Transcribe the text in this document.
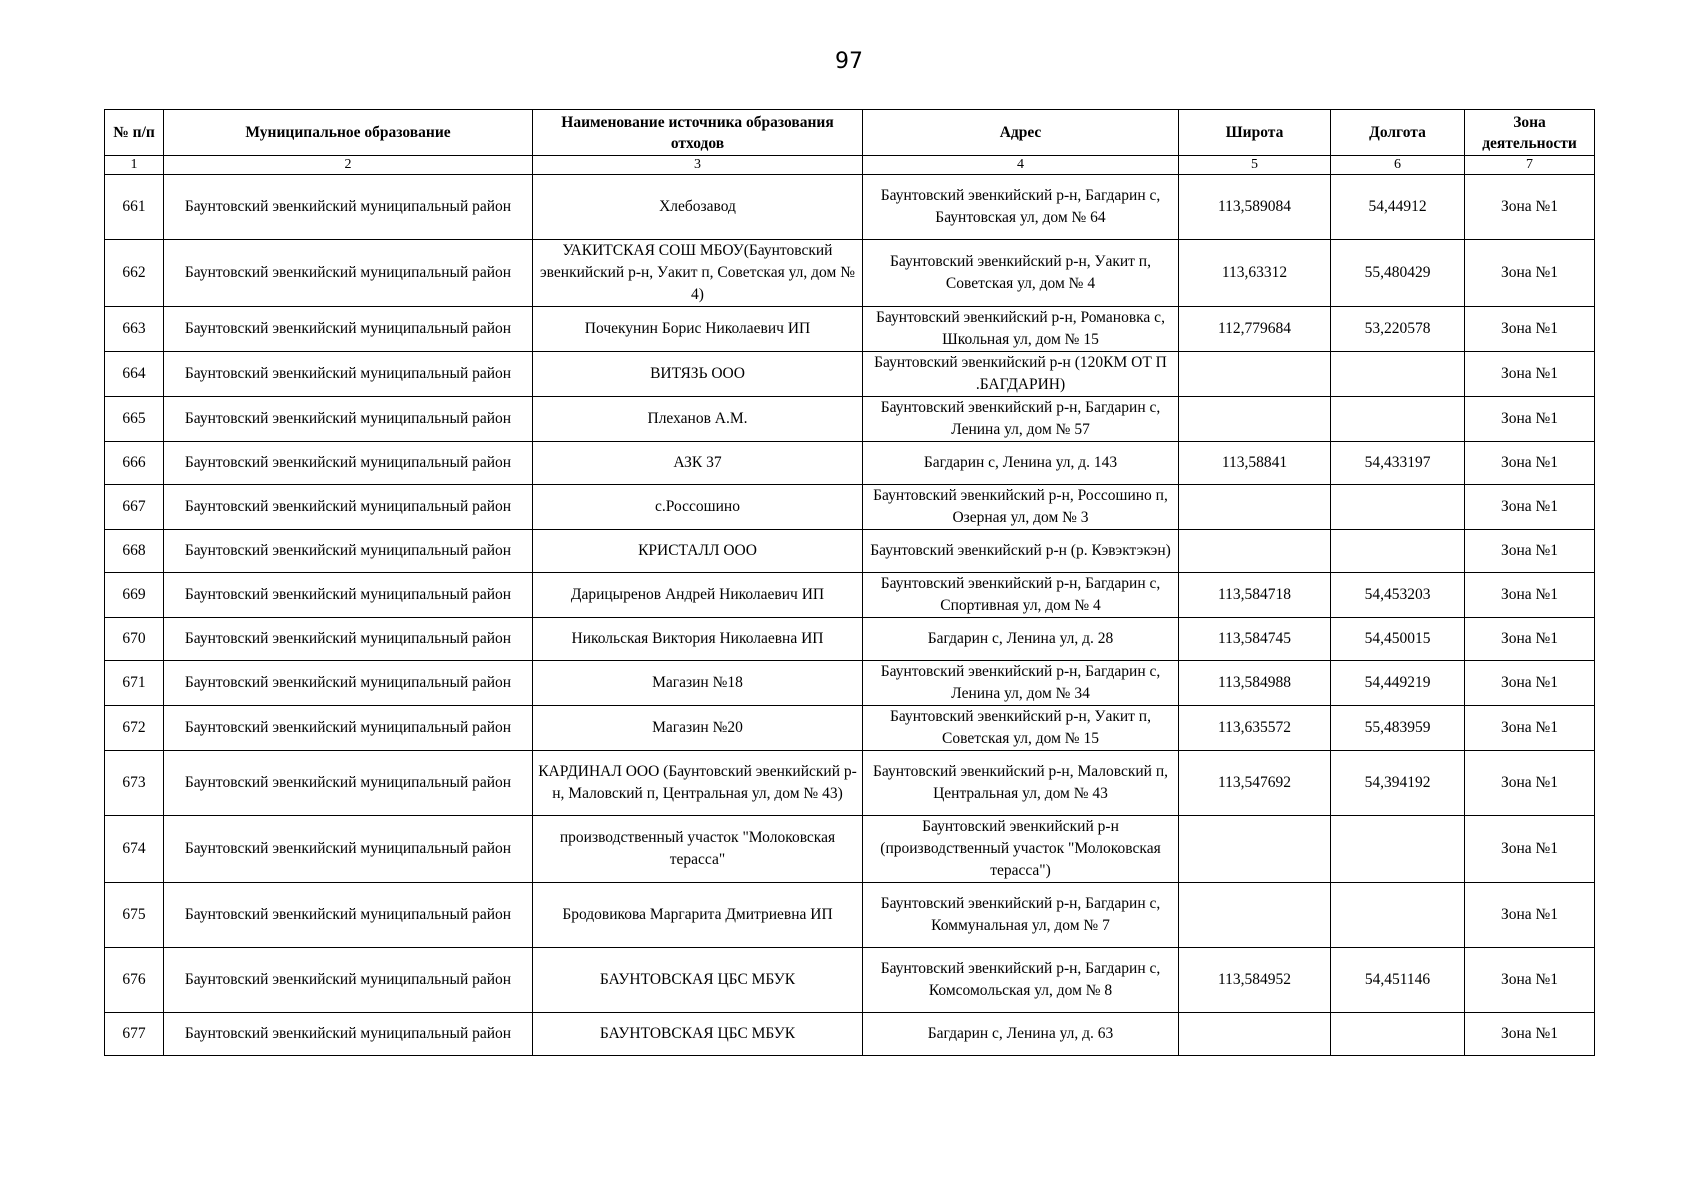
97
№ п/п	Муниципальное образование	Наименование источника образования отходов	Адрес	Широта	Долгота	Зона деятельности
1	2	3	4	5	6	7
661	Баунтовский эвенкийский муниципальный район	Хлебозавод	Баунтовский эвенкийский р-н, Багдарин с, Баунтовская ул, дом № 64	113,589084	54,44912	Зона №1
662	Баунтовский эвенкийский муниципальный район	УАКИТСКАЯ СОШ МБОУ(Баунтовский эвенкийский р-н, Уакит п, Советская ул, дом № 4)	Баунтовский эвенкийский р-н, Уакит п, Советская ул, дом № 4	113,63312	55,480429	Зона №1
663	Баунтовский эвенкийский муниципальный район	Почекунин Борис Николаевич ИП	Баунтовский эвенкийский р-н, Романовка с, Школьная ул, дом № 15	112,779684	53,220578	Зона №1
664	Баунтовский эвенкийский муниципальный район	ВИТЯЗЬ ООО	Баунтовский эвенкийский р-н (120КМ ОТ П .БАГДАРИН)			Зона №1
665	Баунтовский эвенкийский муниципальный район	Плеханов А.М.	Баунтовский эвенкийский р-н, Багдарин с, Ленина ул, дом № 57			Зона №1
666	Баунтовский эвенкийский муниципальный район	АЗК 37	Багдарин с, Ленина ул, д. 143	113,58841	54,433197	Зона №1
667	Баунтовский эвенкийский муниципальный район	с.Россошино	Баунтовский эвенкийский р-н, Россошино п, Озерная ул, дом № 3			Зона №1
668	Баунтовский эвенкийский муниципальный район	КРИСТАЛЛ ООО	Баунтовский эвенкийский р-н (р. Кэвэктэкэн)			Зона №1
669	Баунтовский эвенкийский муниципальный район	Дарицыренов Андрей Николаевич ИП	Баунтовский эвенкийский р-н, Багдарин с, Спортивная ул, дом № 4	113,584718	54,453203	Зона №1
670	Баунтовский эвенкийский муниципальный район	Никольская Виктория Николаевна ИП	Багдарин с, Ленина ул, д. 28	113,584745	54,450015	Зона №1
671	Баунтовский эвенкийский муниципальный район	Магазин №18	Баунтовский эвенкийский р-н, Багдарин с, Ленина ул, дом № 34	113,584988	54,449219	Зона №1
672	Баунтовский эвенкийский муниципальный район	Магазин №20	Баунтовский эвенкийский р-н, Уакит п, Советская ул, дом № 15	113,635572	55,483959	Зона №1
673	Баунтовский эвенкийский муниципальный район	КАРДИНАЛ ООО (Баунтовский эвенкийский р-н, Маловский п, Центральная ул, дом № 43)	Баунтовский эвенкийский р-н, Маловский п, Центральная ул, дом № 43	113,547692	54,394192	Зона №1
674	Баунтовский эвенкийский муниципальный район	производственный участок "Молоковская терасса"	Баунтовский эвенкийский р-н (производственный участок "Молоковская терасса")			Зона №1
675	Баунтовский эвенкийский муниципальный район	Бродовикова Маргарита Дмитриевна ИП	Баунтовский эвенкийский р-н, Багдарин с, Коммунальная ул, дом № 7			Зона №1
676	Баунтовский эвенкийский муниципальный район	БАУНТОВСКАЯ ЦБС МБУК	Баунтовский эвенкийский р-н, Багдарин с, Комсомольская ул, дом № 8	113,584952	54,451146	Зона №1
677	Баунтовский эвенкийский муниципальный район	БАУНТОВСКАЯ ЦБС МБУК	Багдарин с, Ленина ул, д. 63			Зона №1
